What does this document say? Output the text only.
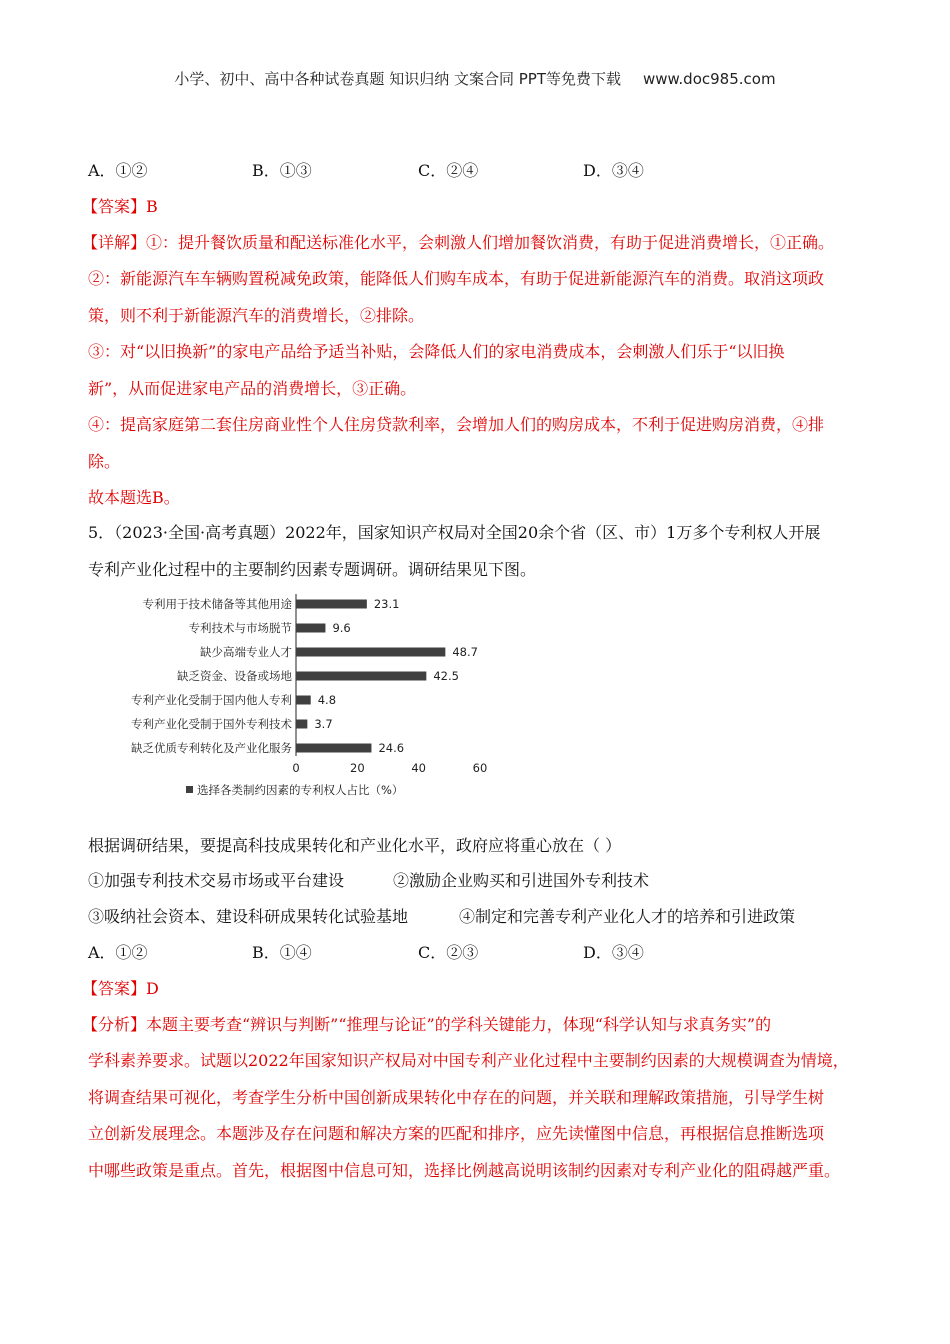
小学、初中、高中各种试卷真题 知识归纳 文案合同 PPT等免费下载 www.doc985.com
A．①②	B．①③	C．②④	D．③④
【答案】B
【详解】①：提升餐饮质量和配送标准化水平，会刺激人们增加餐饮消费，有助于促进消费增长，①正确。
②：新能源汽车车辆购置税减免政策，能降低人们购车成本，有助于促进新能源汽车的消费。取消这项政
策，则不利于新能源汽车的消费增长，②排除。
③：对“以旧换新”的家电产品给予适当补贴，会降低人们的家电消费成本，会刺激人们乐于“以旧换
新”，从而促进家电产品的消费增长，③正确。
④：提高家庭第二套住房商业性个人住房贷款利率，会增加人们的购房成本，不利于促进购房消费，④排
除。
故本题选B。
5．（2023·全国·高考真题）2022年，国家知识产权局对全国20余个省（区、市）1万多个专利权人开展
专利产业化过程中的主要制约因素专题调研。调研结果见下图。
专利用于技术储备等其他用途	23.1
专利技术与市场脱节	9.6
缺少高端专业人才	48.7
缺乏资金、设备或场地	42.5
专利产业化受制于国内他人专利 4.8
专利产业化受制于国外专利技术 3.7
缺乏优质专利转化及产业化服务	24.6
0	20	40	60
选择各类制约因素的专利权人占比（%）
根据调研结果，要提高科技成果转化和产业化水平，政府应将重心放在（ ）
①加强专利技术交易市场或平台建设	②激励企业购买和引进国外专利技术
③吸纳社会资本、建设科研成果转化试验基地	④制定和完善专利产业化人才的培养和引进政策
A．①②	B．①④	C．②③	D．③④
【答案】D
【分析】本题主要考查“辨识与判断”“推理与论证”的学科关键能力，体现“科学认知与求真务实”的
学科素养要求。试题以2022年国家知识产权局对中国专利产业化过程中主要制约因素的大规模调查为情境，
将调查结果可视化，考查学生分析中国创新成果转化中存在的问题，并关联和理解政策措施，引导学生树
立创新发展理念。本题涉及存在问题和解决方案的匹配和排序，应先读懂图中信息，再根据信息推断选项
中哪些政策是重点。首先，根据图中信息可知，选择比例越高说明该制约因素对专利产业化的阻碍越严重。
